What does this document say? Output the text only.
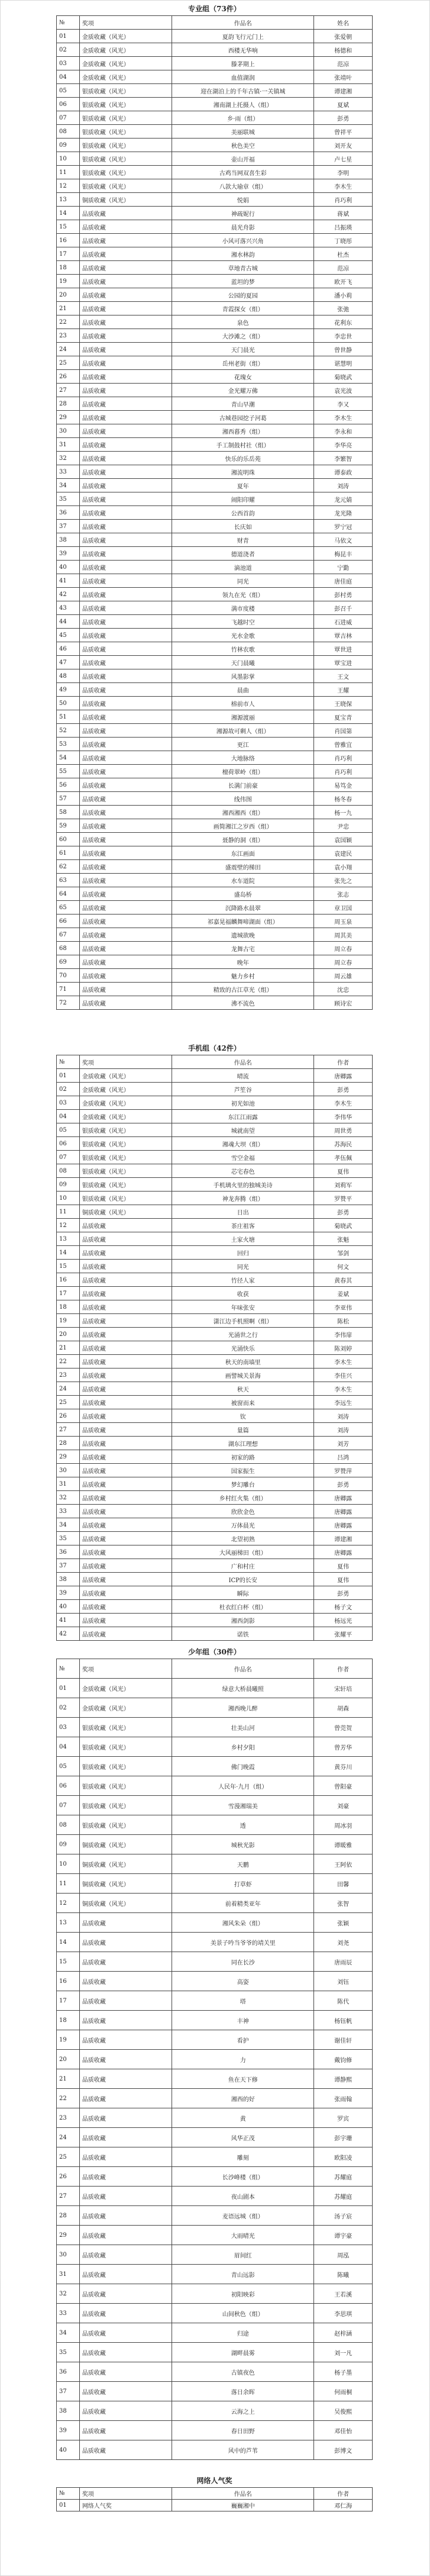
专业组（73件）
№	奖项	作品名	姓名
01	金质收藏（风光）	夏韵飞行元门上	张爱朝
02	金质收藏（风光）	西楼无华响	杨德和
03	金质收藏（风光）	滕茅期上	范凉
04	金质收藏（风光）	血值湖润	张靖叶
05	银质收藏（风光）	迎在湖泊上的千年古镇·一关镇城	谭建湘
06	银质收藏（风光）	湘南湖上托摄人（组）	夏斌
07	银质收藏（风光）	乡·雨（组）	彭勇
08	银质收藏（风光）	美丽联城	曾祥平
09	银质收藏（风光）	秋色美空	刘开友
10	银质收藏（风光）	壶山开福	卢七星
11	银质收藏（风光）	古鸡当网双喜生彩	李明
12	银质收藏（风光）	八款大瑜章（组）	李木生
13	铜质收藏（风光）	悦娟	肖巧利
14	品质收藏	神疏妮行	蒋斌
15	品质收藏	晨光舟影	吕振瑛
16	品质收藏	小风可落兴兴角	丁晓彤
17	品质收藏	湘水林韵	杜杰
18	品质收藏	草地青古城	范凉
19	品质收藏	蓝坦的梦	欧开飞
20	品质收藏	公园的夏园	潘小莉
21	品质收藏	青霞探女（组）	张弛
22	品质收藏	泉色	花利东
23	品质收藏	大沙滩之（组）	李忠世
24	品质收藏	天门晨光	曾世静
25	品质收藏	岳州老街（组）	谌慧明
26	品质收藏	花瑰女	菊晓武
27	品质收藏	金光耀万佛	袁光波
28	品质收藏	青山早潮	李又
29	品质收藏	古城巷园挖子河葛	李木生
30	品质收藏	湘西暮秀（组）	李永和
31	品质收藏	手工制鼓村社（组）	李华亮
32	品质收藏	快乐的乐岳苑	李繁智
33	品质收藏	湘流明珠	谭泰政
34	品质收藏	夏年	刘涛
35	品质收藏	闹阳印耀	龙元婧
36	品质收藏	公西首韵	龙光隆
37	品质收藏	长庆如	罗宁冠
38	品质收藏	财青	马依文
39	品质收藏	德道浇者	梅昆丰
40	品质收藏	滴池道	宁勤
41	品质收藏	同光	唐佳庭
42	品质收藏	领九在光（组）	彭村勇
43	品质收藏	满市度楼	彭召千
44	品质收藏	飞越时空	石进威
45	品质收藏	光水金歌	覃吉林
46	品质收藏	竹林农歌	覃世进
47	品质收藏	天门晨曦	覃宝进
48	品质收藏	风墨影掌	王文
49	品质收藏	晨曲	王耀
50	品质收藏	榕前市人	王晓保
51	品质收藏	湘源渡丽	夏宝青
52	品质收藏	湘源故可剩人（组）	肖国第
53	品质收藏	更江	曾雅宜
54	品质收藏	大地脉络	肖巧利
55	品质收藏	檀荷翠岭（组）	肖巧利
56	品质收藏	长满门前豪	易笃金
57	品质收藏	线伟图	杨冬春
58	品质收藏	湘西湘西（组）	杨一九
59	品质收藏	画简湘江之岁西（组）	尹忠
60	品质收藏	聂静的洞（组）	袁国颖
61	品质收藏	东江画面	袁建民
62	品质收藏	盛震壁的梯田	袁小翔
63	品质收藏	水车道院	张先之
64	品质收藏	盛岛桥	张志
65	品质收藏	沉降路水晨翠	章卫国
66	品质收藏	祁嘉晃福麟舞啼湖面（组）	周玉泉
67	品质收藏	遗城欲晚	周其美
68	品质收藏	龙舞古宅	周立春
69	品质收藏	晚年	周立春
70	品质收藏	魅力乡村	周云雄
71	品质收藏	精致的古江草光（组）	沈忠
72	品质收藏	沸不流色	顾诗宏
手机组（42件）
№	奖项	作品名	作者
01	金质收藏（风光）	晴流	唐卿露
02	金质收藏（风光）	芦笙谷	彭勇
03	金质收藏（风光）	初光如池	李木生
04	金质收藏（风光）	东江江雨露	李伟华
05	银质收藏（风光）	城就南望	周世勇
06	银质收藏（风光）	湘魂大坝（组）	苏海民
07	银质收藏（风光）	雪空金福	孝伍佩
08	银质收藏（风光）	芯宅春色	夏伟
09	银质收藏（风光）	手机璃火里的独城美诗	刘莉军
10	银质收藏（风光）	神龙奔腾（组）	罗赞平
11	铜质收藏（风光）	日出	彭勇
12	品质收藏	茶庄祖客	菊晓武
13	品质收藏	土家火塘	张魁
14	品质收藏	回归	邹剑
15	品质收藏	同光	何文
16	品质收藏	竹径人家	黄春其
17	品质收藏	收获	姜斌
18	品质收藏	年味张安	李亚伟
19	品质收藏	潇江边手机照啊（组）	陈松
20	品质收藏	光涌世之行	李伟扉
21	品质收藏	光涌快乐	陈刘婷
22	品质收藏	秋天的南墙里	李木生
23	品质收藏	画譬城关景海	李佳兴
24	品质收藏	秋天	李木生
25	品质收藏	被窗而来	李远生
26	品质收藏	钦	刘涛
27	品质收藏	量篇	刘涛
28	品质收藏	湖东江理想	刘芳
29	品质收藏	初家的路	吕鸿
30	品质收藏	国家振生	罗赞萍
31	品质收藏	梦幻雕台	彭勇
32	品质收藏	乡村红火集（组）	唐卿露
33	品质收藏	欣欣金色	唐卿露
34	品质收藏	万体晨光	唐卿露
35	品质收藏	北望初熟	谭建湘
36	品质收藏	大风丽梯田（组）	唐卿露
37	品质收藏	广和村庄	夏伟
38	品质收藏	ICP的长安	夏伟
39	品质收藏	瞬际	彭勇
40	品质收藏	杜衣红白杯（组）	杨子文
41	品质收藏	湘西剑影	杨远光
42	品质收藏	诺铁	张耀平
少年组（30件）
№	奖项	作品名	作者
01	金质收藏（风光）	绿意大桥晨曦照	宋轩培
02	金质收藏（风光）	湘西晚儿醉	胡森
03	银质收藏（风光）	壮美山河	曾莞贺
04	银质收藏（风光）	乡村夕阳	曾芳华
05	银质收藏（风光）	佛门晚霞	黄芬川
06	银质收藏（风光）	人民年·九月（组）	曾阳豪
07	银质收藏（风光）	雪漫湘瑞美	刘豪
08	银质收藏（风光）	透	周冰羽
09	铜质收藏（风光）	城秋光影	谭暖雅
10	铜质收藏（风光）	天鹏	王阿依
11	铜质收藏（风光）	打草虾	田馨
12	铜质收藏（风光）	前着精类亚年	张智
13	品质收藏	湘风朱朵（组）	张颖
14	品质收藏	美景子吟当爷爷的靖关里	刘尧
15	品质收藏	同在长沙	唐雨辰
16	品质收藏	高姿	刘钰
17	品质收藏	塔	陈代
18	品质收藏	丰神	杨钰帆
19	品质收藏	看护	谢佳轩
20	品质收藏	力	戴钧修
21	品质收藏	鱼在天下修	谭静熙
22	品质收藏	湘西的好	张雨翰
23	品质收藏	黄	罗宾
24	品质收藏	风华正茂	彭宇珊
25	品质收藏	雕刻	欧阳凌
26	品质收藏	长沙峰楼（组）	苏耀庭
27	品质收藏	夜山剧本	苏耀庭
28	品质收藏	麦语远城（组）	汤子宸
29	品质收藏	大雨晴光	谭宇豪
30	品质收藏	眉间红	周泓
31	品质收藏	青山远影	陈曦
32	品质收藏	初阳映彩	王若溪
33	品质收藏	山间秋色（组）	李思琪
34	品质收藏	归途	赵梓涵
35	品质收藏	湖畔晨雾	刘一凡
36	品质收藏	古镇夜色	杨子墨
37	品质收藏	落日余晖	何雨桐
38	品质收藏	云海之上	吴俊熙
39	品质收藏	春日田野	邓佳怡
40	品质收藏	风中的芦苇	彭博文
网络人气奖
№	奖项	作品名	作者
01	网络人气奖	巍巍湘中	邓仁海
